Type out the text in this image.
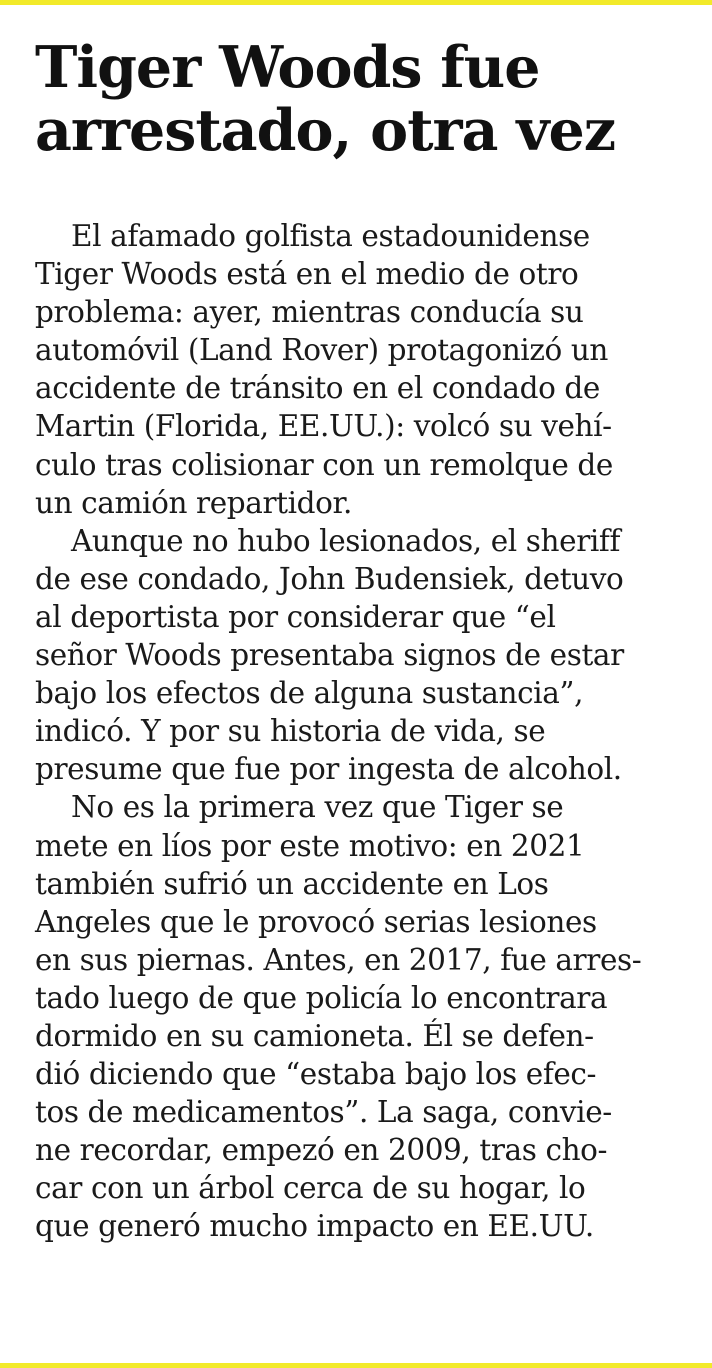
Tiger Woods fue
arrestado, otra vez

El afamado golfista estadounidense
Tiger Woods está en el medio de otro
problema: ayer, mientras conducía su
automóvil (Land Rover) protagonizó un
accidente de tránsito en el condado de
Martin (Florida, EE.UU.): volcó su vehí-
culo tras colisionar con un remolque de
un camión repartidor.

Aunque no hubo lesionados, el sheriff
de ese condado, John Budensiek, detuvo
al deportista por considerar que “el
señor Woods presentaba signos de estar
bajo los efectos de alguna sustancia”,
indicó. Y por su historia de vida, se
presume que fue por ingesta de alcohol.

No es la primera vez que Tiger se
mete en líos por este motivo: en 2021
también sufrió un accidente en Los
Angeles que le provocó serias lesiones
en sus piernas. Antes, en 2017, fue arres-
tado luego de que policía lo encontrara
dormido en su camioneta. Él se defen-
dió diciendo que “estaba bajo los efec-
tos de medicamentos”. La saga, convie-
ne recordar, empezó en 2009, tras cho-
car con un árbol cerca de su hogar, lo
que generó mucho impacto en EE.UU.
